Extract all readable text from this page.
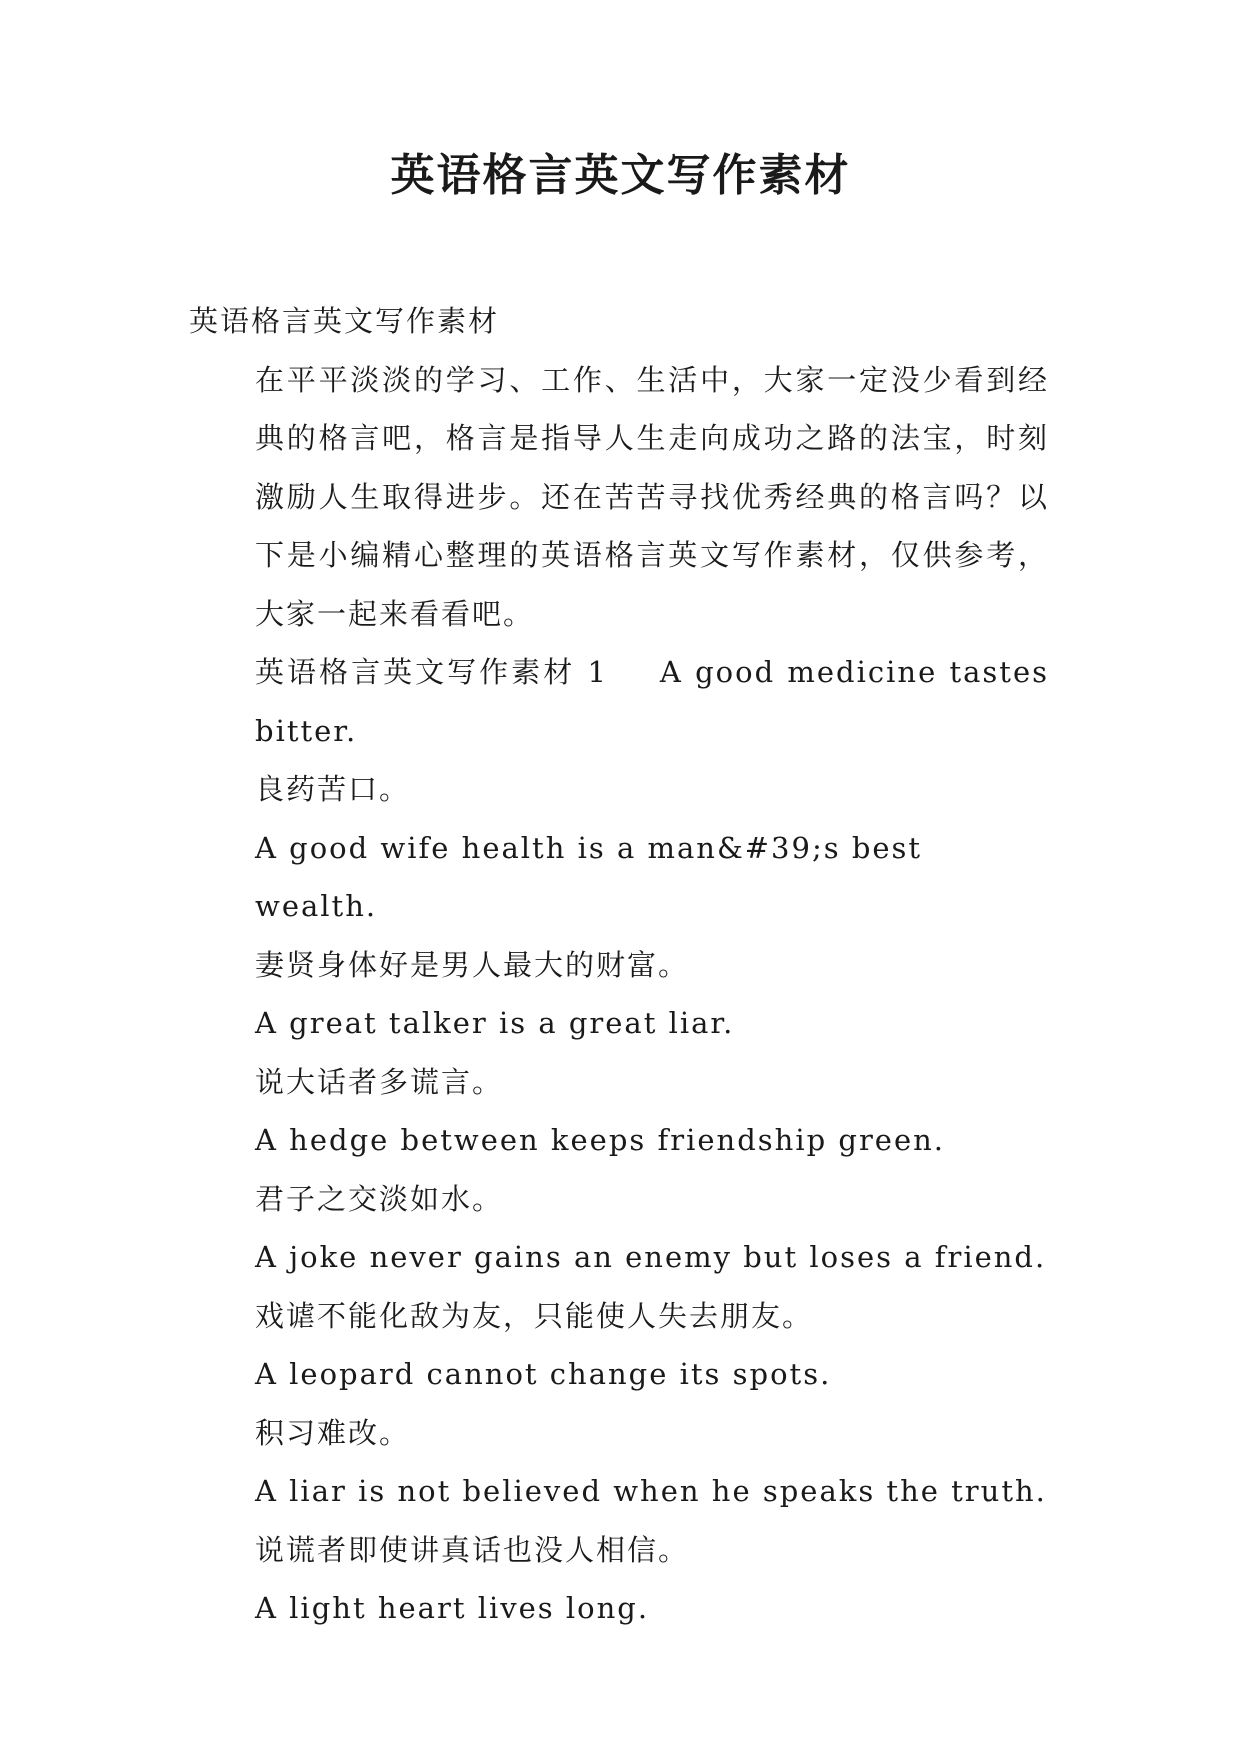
英语格言英文写作素材

英语格言英文写作素材

在平平淡淡的学习、工作、生活中，大家一定没少看到经典的格言吧，格言是指导人生走向成功之路的法宝，时刻激励人生取得进步。还在苦苦寻找优秀经典的格言吗？以下是小编精心整理的英语格言英文写作素材，仅供参考，大家一起来看看吧。

英语格言英文写作素材 1 A good medicine tastes bitter.

良药苦口。

A good wife health is a man&#39;s best wealth.

妻贤身体好是男人最大的财富。

A great talker is a great liar.

说大话者多谎言。

A hedge between keeps friendship green.

君子之交淡如水。

A joke never gains an enemy but loses a friend.

戏谑不能化敌为友，只能使人失去朋友。

A leopard cannot change its spots.

积习难改。

A liar is not believed when he speaks the truth.

说谎者即使讲真话也没人相信。

A light heart lives long.
